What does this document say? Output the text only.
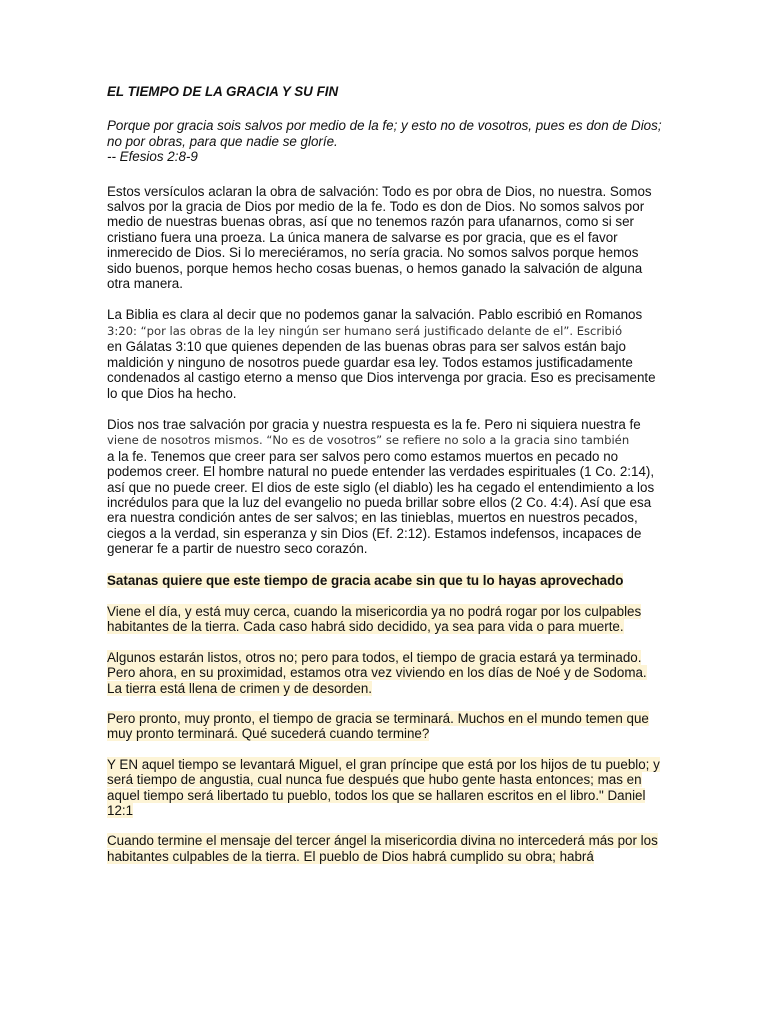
EL TIEMPO DE LA GRACIA Y SU FIN
Porque por gracia sois salvos por medio de la fe; y esto no de vosotros, pues es don de Dios; no por obras, para que nadie se gloríe.
-- Efesios 2:8-9

Estos versículos aclaran la obra de salvación: Todo es por obra de Dios, no nuestra. Somos salvos por la gracia de Dios por medio de la fe. Todo es don de Dios. No somos salvos por medio de nuestras buenas obras, así que no tenemos razón para ufanarnos, como si ser cristiano fuera una proeza. La única manera de salvarse es por gracia, que es el favor inmerecido de Dios. Si lo mereciéramos, no sería gracia. No somos salvos porque hemos sido buenos, porque hemos hecho cosas buenas, o hemos ganado la salvación de alguna otra manera.

La Biblia es clara al decir que no podemos ganar la salvación. Pablo escribió en Romanos
3:20: “por las obras de la ley ningún ser humano será justificado delante de el”. Escribió
en Gálatas 3:10 que quienes dependen de las buenas obras para ser salvos están bajo maldición y ninguno de nosotros puede guardar esa ley. Todos estamos justificadamente condenados al castigo eterno a menso que Dios intervenga por gracia. Eso es precisamente lo que Dios ha hecho.

Dios nos trae salvación por gracia y nuestra respuesta es la fe. Pero ni siquiera nuestra fe
viene de nosotros mismos. “No es de vosotros” se refiere no solo a la gracia sino también
a la fe. Tenemos que creer para ser salvos pero como estamos muertos en pecado no podemos creer. El hombre natural no puede entender las verdades espirituales (1 Co. 2:14), así que no puede creer. El dios de este siglo (el diablo) les ha cegado el entendimiento a los incrédulos para que la luz del evangelio no pueda brillar sobre ellos (2 Co. 4:4). Así que esa era nuestra condición antes de ser salvos; en las tinieblas, muertos en nuestros pecados, ciegos a la verdad, sin esperanza y sin Dios (Ef. 2:12). Estamos indefensos, incapaces de generar fe a partir de nuestro seco corazón.

Satanas quiere que este tiempo de gracia acabe sin que tu lo hayas aprovechado
Viene el día, y está muy cerca, cuando la misericordia ya no podrá rogar por los culpables habitantes de la tierra. Cada caso habrá sido decidido, ya sea para vida o para muerte.
Algunos estarán listos, otros no; pero para todos, el tiempo de gracia estará ya terminado. Pero ahora, en su proximidad, estamos otra vez viviendo en los días de Noé y de Sodoma. La tierra está llena de crimen y de desorden.
Pero pronto, muy pronto, el tiempo de gracia se terminará. Muchos en el mundo temen que muy pronto terminará. Qué sucederá cuando termine?
Y EN aquel tiempo se levantará Miguel, el gran príncipe que está por los hijos de tu pueblo; y será tiempo de angustia, cual nunca fue después que hubo gente hasta entonces; mas en aquel tiempo será libertado tu pueblo, todos los que se hallaren escritos en el libro." Daniel 12:1
Cuando termine el mensaje del tercer ángel la misericordia divina no intercederá más por los habitantes culpables de la tierra. El pueblo de Dios habrá cumplido su obra; habrá
